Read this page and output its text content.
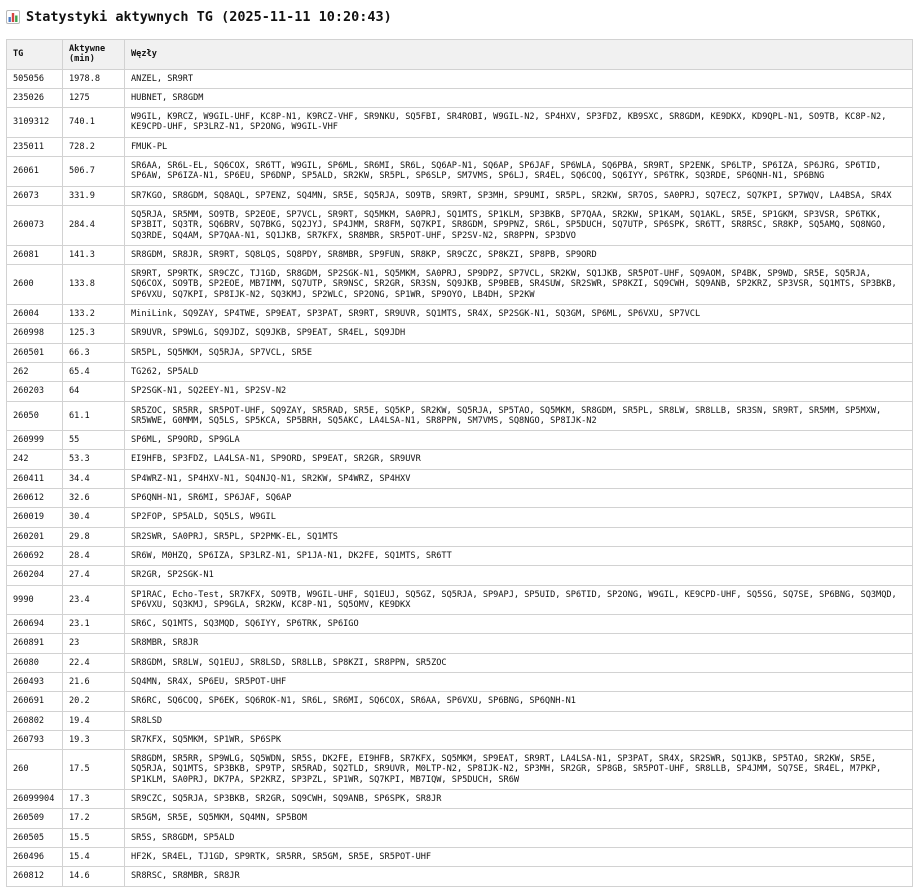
Statystyki aktywnych TG (2025-11-11 10:20:43)
TG	Aktywne (min)	Węzły
505056	1978.8	ANZEL, SR9RT
235026	1275	HUBNET, SR8GDM
3109312	740.1	W9GIL, K9RCZ, W9GIL-UHF, KC8P-N1, K9RCZ-VHF, SR9NKU, SQ5FBI, SR4ROBI, W9GIL-N2, SP4HXV, SP3FDZ, KB9SXC, SR8GDM, KE9DKX, KD9QPL-N1, SO9TB, KC8P-N2, KE9CPD-UHF, SP3LRZ-N1, SP2ONG, W9GIL-VHF
235011	728.2	FMUK-PL
26061	506.7	SR6AA, SR6L-EL, SQ6COX, SR6TT, W9GIL, SP6ML, SR6MI, SR6L, SQ6AP-N1, SQ6AP, SP6JAF, SP6WLA, SQ6PBA, SR9RT, SP2ENK, SP6LTP, SP6IZA, SP6JRG, SP6TID, SP6AW, SP6IZA-N1, SP6EU, SP6DNP, SP5ALD, SR2KW, SR5PL, SP6SLP, SM7VMS, SP6LJ, SR4EL, SQ6COQ, SQ6IYY, SP6TRK, SQ3RDE, SP6QNH-N1, SP6BNG
26073	331.9	SR7KGO, SR8GDM, SQ8AQL, SP7ENZ, SQ4MN, SR5E, SQ5RJA, SO9TB, SR9RT, SP3MH, SP9UMI, SR5PL, SR2KW, SR7OS, SA0PRJ, SQ7ECZ, SQ7KPI, SP7WQV, LA4BSA, SR4X
260073	284.4	SQ5RJA, SR5MM, SO9TB, SP2EOE, SP7VCL, SR9RT, SQ5MKM, SA0PRJ, SQ1MTS, SP1KLM, SP3BKB, SP7QAA, SR2KW, SP1KAM, SQ1AKL, SR5E, SP1GKM, SP3VSR, SP6TKK, SP3BIT, SQ3TR, SQ6BRV, SQ7BKG, SQ2JYJ, SP4JMM, SR8FM, SQ7KPI, SR8GDM, SP9PNZ, SR6L, SP5DUCH, SQ7UTP, SP6SPK, SR6TT, SR8RSC, SR8KP, SQ5AMQ, SQ8NGO, SQ3RDE, SQ4AM, SP7QAA-N1, SQ1JKB, SR7KFX, SR8MBR, SR5POT-UHF, SP2SV-N2, SR8PPN, SP3DVO
26081	141.3	SR8GDM, SR8JR, SR9RT, SQ8LQS, SQ8PDY, SR8MBR, SP9FUN, SR8KP, SR9CZC, SP8KZI, SP8PB, SP9ORD
2600	133.8	SR9RT, SP9RTK, SR9CZC, TJ1GD, SR8GDM, SP2SGK-N1, SQ5MKM, SA0PRJ, SP9DPZ, SP7VCL, SR2KW, SQ1JKB, SR5POT-UHF, SQ9AOM, SP4BK, SP9WD, SR5E, SQ5RJA, SQ6COX, SO9TB, SP2EOE, MB7IMM, SQ7UTP, SR9NSC, SR2GR, SR3SN, SQ9JKB, SP9BEB, SR4SUW, SR2SWR, SP8KZI, SQ9CWH, SQ9ANB, SP2KRZ, SP3VSR, SQ1MTS, SP3BKB, SP6VXU, SQ7KPI, SP8IJK-N2, SQ3KMJ, SP2WLC, SP2ONG, SP1WR, SP9OYO, LB4DH, SP2KW
26004	133.2	MiniLink, SQ9ZAY, SP4TWE, SP9EAT, SP3PAT, SR9RT, SR9UVR, SQ1MTS, SR4X, SP2SGK-N1, SQ3GM, SP6ML, SP6VXU, SP7VCL
260998	125.3	SR9UVR, SP9WLG, SQ9JDZ, SQ9JKB, SP9EAT, SR4EL, SQ9JDH
260501	66.3	SR5PL, SQ5MKM, SQ5RJA, SP7VCL, SR5E
262	65.4	TG262, SP5ALD
260203	64	SP2SGK-N1, SQ2EEY-N1, SP2SV-N2
26050	61.1	SR5ZOC, SR5RR, SR5POT-UHF, SQ9ZAY, SR5RAD, SR5E, SQ5KP, SR2KW, SQ5RJA, SP5TAO, SQ5MKM, SR8GDM, SR5PL, SR8LW, SR8LLB, SR3SN, SR9RT, SR5MM, SP5MXW, SR5WWE, G0MMM, SQ5LS, SP5KCA, SP5BRH, SQ5AKC, LA4LSA-N1, SR8PPN, SM7VMS, SQ8NGO, SP8IJK-N2
260999	55	SP6ML, SP9ORD, SP9GLA
242	53.3	EI9HFB, SP3FDZ, LA4LSA-N1, SP9ORD, SP9EAT, SR2GR, SR9UVR
260411	34.4	SP4WRZ-N1, SP4HXV-N1, SQ4NJQ-N1, SR2KW, SP4WRZ, SP4HXV
260612	32.6	SP6QNH-N1, SR6MI, SP6JAF, SQ6AP
260019	30.4	SP2FOP, SP5ALD, SQ5LS, W9GIL
260201	29.8	SR2SWR, SA0PRJ, SR5PL, SP2PMK-EL, SQ1MTS
260692	28.4	SR6W, M0HZQ, SP6IZA, SP3LRZ-N1, SP1JA-N1, DK2FE, SQ1MTS, SR6TT
260204	27.4	SR2GR, SP2SGK-N1
9990	23.4	SP1RAC, Echo-Test, SR7KFX, SO9TB, W9GIL-UHF, SQ1EUJ, SQ5GZ, SQ5RJA, SP9APJ, SP5UID, SP6TID, SP2ONG, W9GIL, KE9CPD-UHF, SQ5SG, SQ7SE, SP6BNG, SQ3MQD, SP6VXU, SQ3KMJ, SP9GLA, SR2KW, KC8P-N1, SQ5OMV, KE9DKX
260694	23.1	SR6C, SQ1MTS, SQ3MQD, SQ6IYY, SP6TRK, SP6IGO
260891	23	SR8MBR, SR8JR
26080	22.4	SR8GDM, SR8LW, SQ1EUJ, SR8LSD, SR8LLB, SP8KZI, SR8PPN, SR5ZOC
260493	21.6	SQ4MN, SR4X, SP6EU, SR5POT-UHF
260691	20.2	SR6RC, SQ6COQ, SP6EK, SQ6ROK-N1, SR6L, SR6MI, SQ6COX, SR6AA, SP6VXU, SP6BNG, SP6QNH-N1
260802	19.4	SR8LSD
260793	19.3	SR7KFX, SQ5MKM, SP1WR, SP6SPK
260	17.5	SR8GDM, SR5RR, SP9WLG, SQ5WDN, SR5S, DK2FE, EI9HFB, SR7KFX, SQ5MKM, SP9EAT, SR9RT, LA4LSA-N1, SP3PAT, SR4X, SR2SWR, SQ1JKB, SP5TAO, SR2KW, SR5E, SQ5RJA, SQ1MTS, SP3BKB, SP9TP, SR5RAD, SQ2TLD, SR9UVR, M0LTP-N2, SP8IJK-N2, SP3MH, SR2GR, SP8GB, SR5POT-UHF, SR8LLB, SP4JMM, SQ7SE, SR4EL, M7PKP, SP1KLM, SA0PRJ, DK7PA, SP2KRZ, SP3PZL, SP1WR, SQ7KPI, MB7IQW, SP5DUCH, SR6W
26099904	17.3	SR9CZC, SQ5RJA, SP3BKB, SR2GR, SQ9CWH, SQ9ANB, SP6SPK, SR8JR
260509	17.2	SR5GM, SR5E, SQ5MKM, SQ4MN, SP5BOM
260505	15.5	SR5S, SR8GDM, SP5ALD
260496	15.4	HF2K, SR4EL, TJ1GD, SP9RTK, SR5RR, SR5GM, SR5E, SR5POT-UHF
260812	14.6	SR8RSC, SR8MBR, SR8JR
